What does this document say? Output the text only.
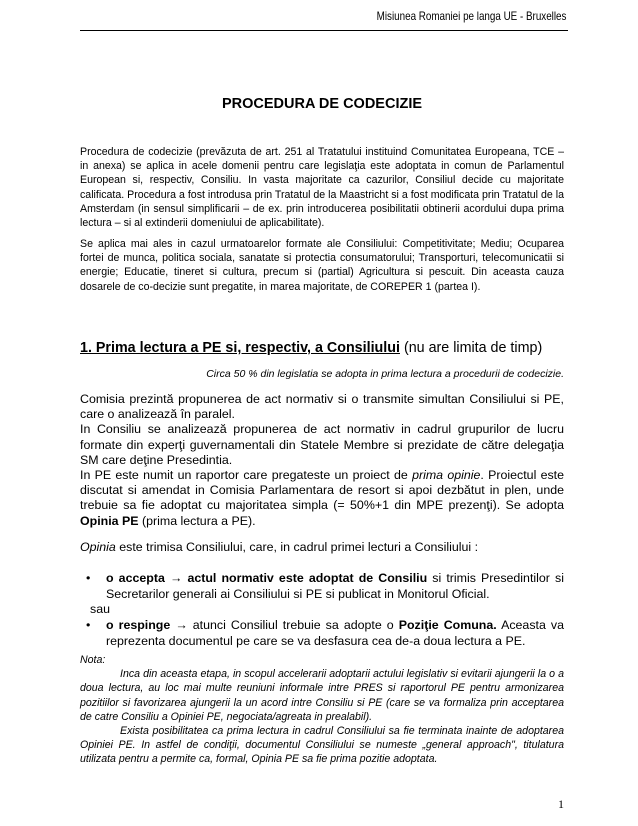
Misiunea Romaniei pe langa UE - Bruxelles
PROCEDURA DE CODECIZIE

Procedura de codecizie (prevăzuta de art. 251 al Tratatului instituind Comunitatea Europeana, TCE – in anexa) se aplica in acele domenii pentru care legislaţia este adoptata in comun de Parlamentul European si, respectiv, Consiliu. In vasta majoritate ca cazurilor, Consiliul decide cu majoritate calificata. Procedura a fost introdusa prin Tratatul de la Maastricht si a fost modificata prin Tratatul de la Amsterdam (in sensul simplificarii – de ex. prin introducerea posibilitatii obtinerii acordului dupa prima lectura – si al extinderii domeniului de aplicabilitate).

Se aplica mai ales in cazul urmatoarelor formate ale Consiliului: Competitivitate; Mediu; Ocuparea fortei de munca, politica sociala, sanatate si protectia consumatorului; Transporturi, telecomunicatii si energie; Educatie, tineret si cultura, precum si (partial) Agricultura si pescuit. Din aceasta cauza dosarele de co-decizie sunt pregatite, in marea majoritate, de COREPER 1 (partea I).

1. Prima lectura a PE si, respectiv, a Consiliului (nu are limita de timp)

Circa 50 % din legislatia se adopta in prima lectura a procedurii de codecizie.

Comisia prezintă propunerea de act normativ si o transmite simultan Consiliului si PE, care o analizează în paralel.

In Consiliu se analizează propunerea de act normativ in cadrul grupurilor de lucru formate din experţi guvernamentali din Statele Membre si prezidate de către delegaţia SM care deţine Presedintia.

In PE este numit un raportor care pregateste un proiect de prima opinie. Proiectul este discutat si amendat in Comisia Parlamentara de resort si apoi dezbătut in plen, unde trebuie sa fie adoptat cu majoritatea simpla (= 50%+1 din MPE prezenţi). Se adopta Opinia PE (prima lectura a PE).

Opinia este trimisa Consiliului, care, in cadrul primei lecturi a Consiliului :

• o accepta → actul normativ este adoptat de Consiliu si trimis Presedintilor si Secretarilor generali ai Consiliului si PE si publicat in Monitorul Oficial.

sau

• o respinge → atunci Consiliul trebuie sa adopte o Poziţie Comuna. Aceasta va reprezenta documentul pe care se va desfasura cea de-a doua lectura a PE.

Nota:

Inca din aceasta etapa, in scopul accelerarii adoptarii actului legislativ si evitarii ajungerii la o a doua lectura, au loc mai multe reuniuni informale intre PRES si raportorul PE pentru armonizarea pozitiilor si favorizarea ajungerii la un acord intre Consiliu si PE (care se va formaliza prin acceptarea de catre Consiliu a Opiniei PE, negociata/agreata in prealabil).

Exista posibilitatea ca prima lectura in cadrul Consiliului sa fie terminata inainte de adoptarea Opiniei PE. In astfel de condiţii, documentul Consiliului se numeste „general approach", titulatura utilizata pentru a permite ca, formal, Opinia PE sa fie prima pozitie adoptata.

1
